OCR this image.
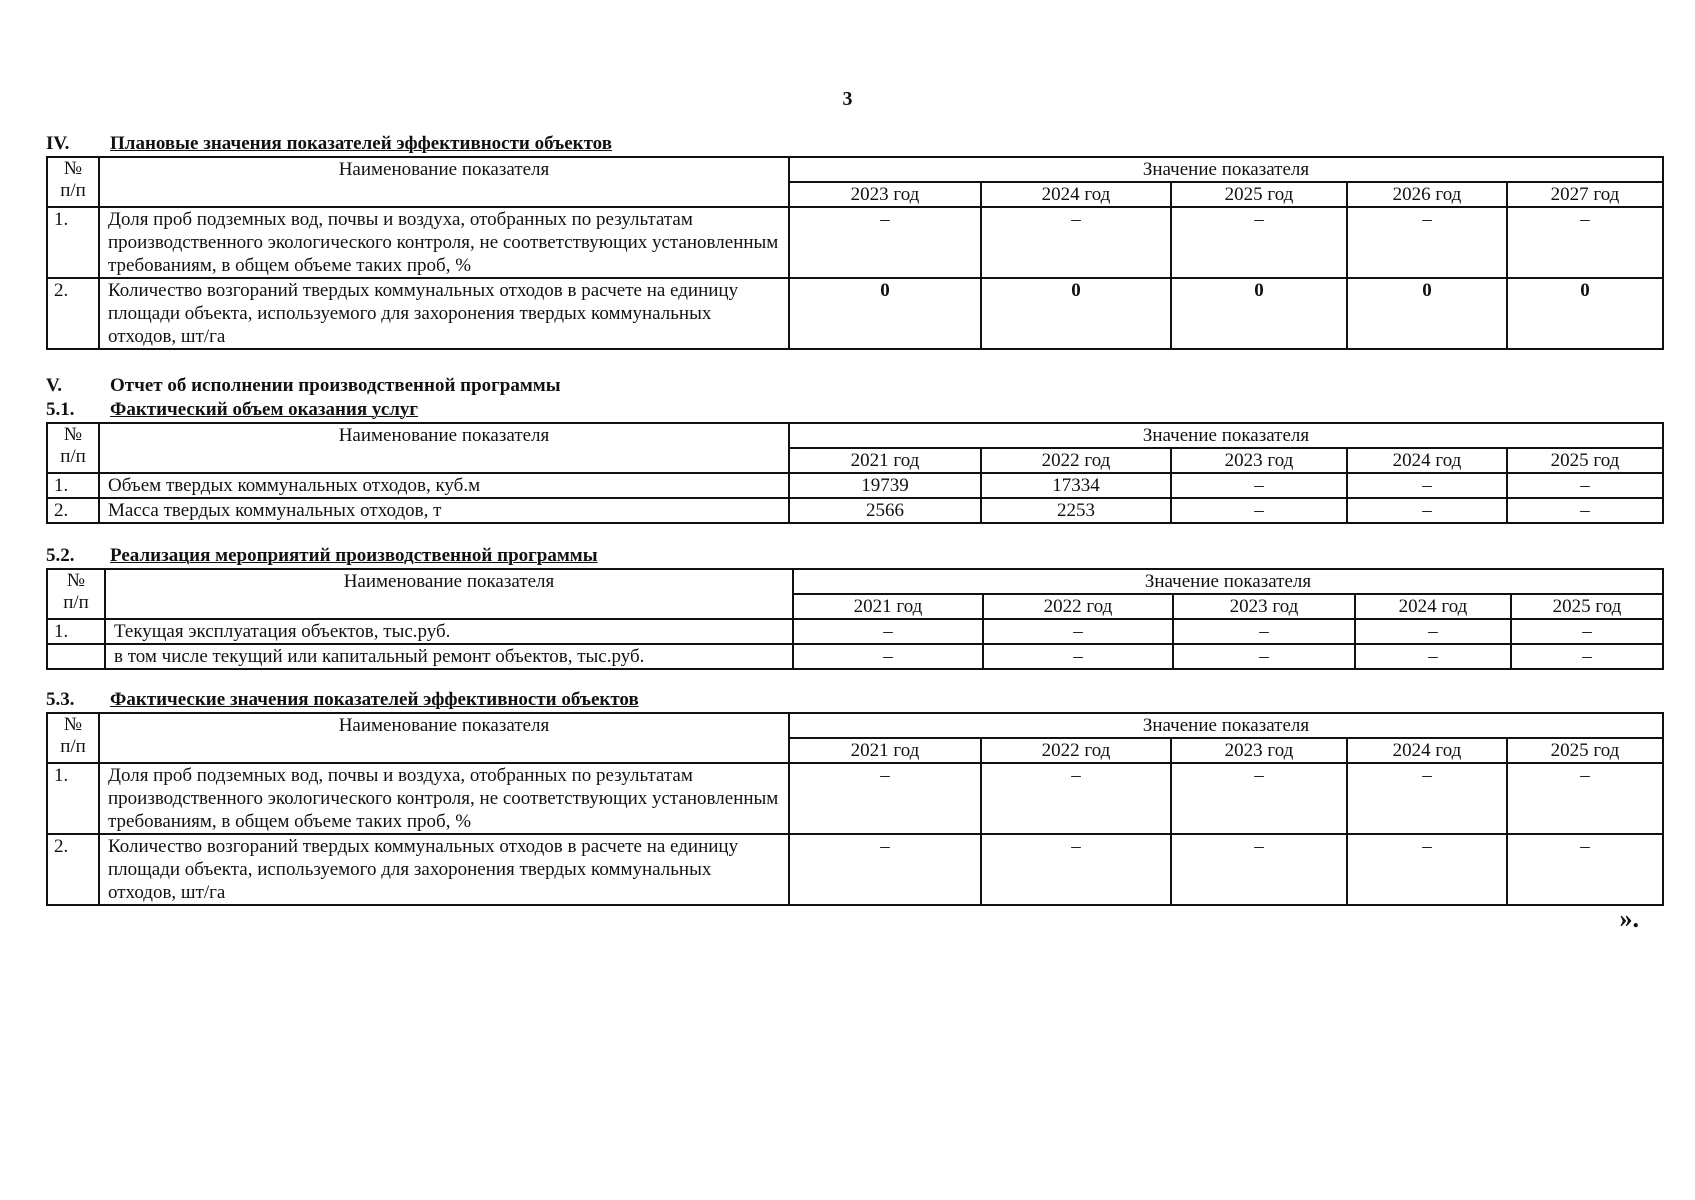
3
IV.	Плановые значения показателей эффективности объектов
№
п/п	Наименование показателя	Значение показателя				
		2023 год	2024 год	2025 год	2026 год	2027 год
1.	Доля проб подземных вод, почвы и воздуха, отобранных по результатам производственного экологического контроля, не соответствующих установленным требованиям, в общем объеме таких проб, %	–	–	–	–	–
2.	Количество возгораний твердых коммунальных отходов в расчете на единицу площади объекта, используемого для захоронения твердых коммунальных отходов, шт/га	0	0	0	0	0
V.	Отчет об исполнении производственной программы
5.1.	Фактический объем оказания услуг
№
п/п	Наименование показателя	Значение показателя				
		2021 год	2022 год	2023 год	2024 год	2025 год
1.	Объем твердых коммунальных отходов, куб.м	19739	17334	–	–	–
2.	Масса твердых коммунальных отходов, т	2566	2253	–	–	–
5.2.	Реализация мероприятий производственной программы
№
п/п	Наименование показателя	Значение показателя				
		2021 год	2022 год	2023 год	2024 год	2025 год
1.	Текущая эксплуатация объектов, тыс.руб.	–	–	–	–	–
	в том числе текущий или капитальный ремонт объектов, тыс.руб.	–	–	–	–	–
5.3.	Фактические значения показателей эффективности объектов
№
п/п	Наименование показателя	Значение показателя				
		2021 год	2022 год	2023 год	2024 год	2025 год
1.	Доля проб подземных вод, почвы и воздуха, отобранных по результатам производственного экологического контроля, не соответствующих установленным требованиям, в общем объеме таких проб, %	–	–	–	–	–
2.	Количество возгораний твердых коммунальных отходов в расчете на единицу площади объекта, используемого для захоронения твердых коммунальных отходов, шт/га	–	–	–	–	–
».
